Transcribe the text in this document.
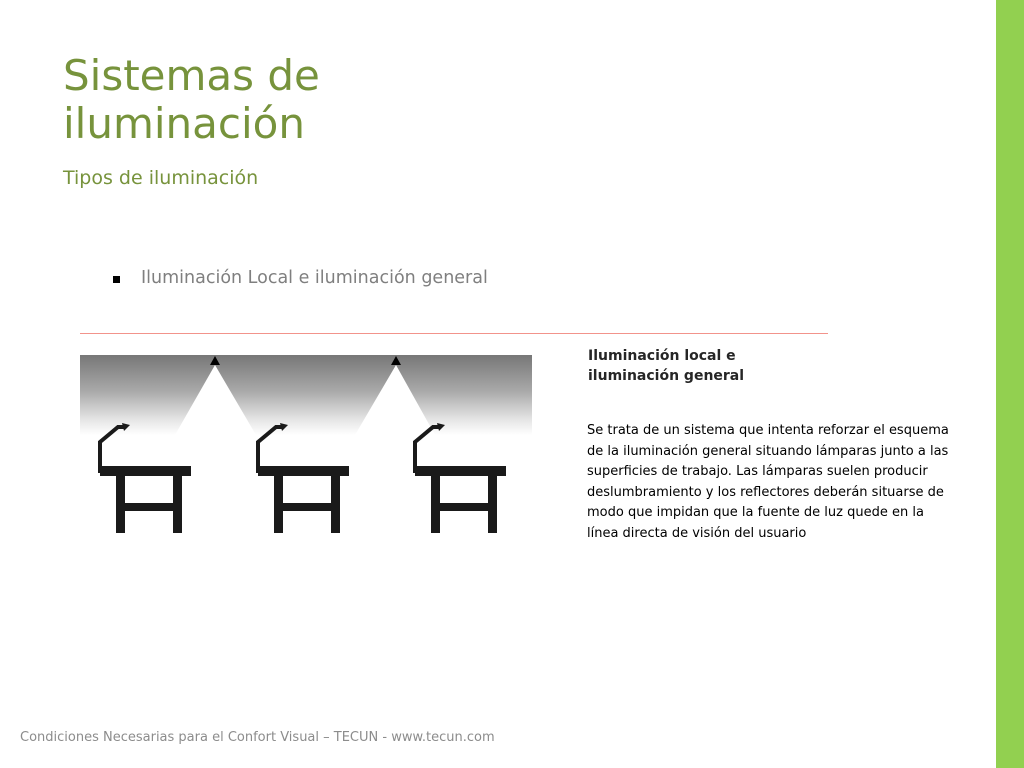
Sistemas de iluminación

Tipos de iluminación

Iluminación Local e iluminación general

Iluminación local e iluminación general

Se trata de un sistema que intenta reforzar el esquema de la iluminación general situando lámparas junto a las superficies de trabajo. Las lámparas suelen producir deslumbramiento y los reflectores deberán situarse de modo que impidan que la fuente de luz quede en la línea directa de visión del usuario

Condiciones Necesarias para el Confort Visual – TECUN - www.tecun.com
